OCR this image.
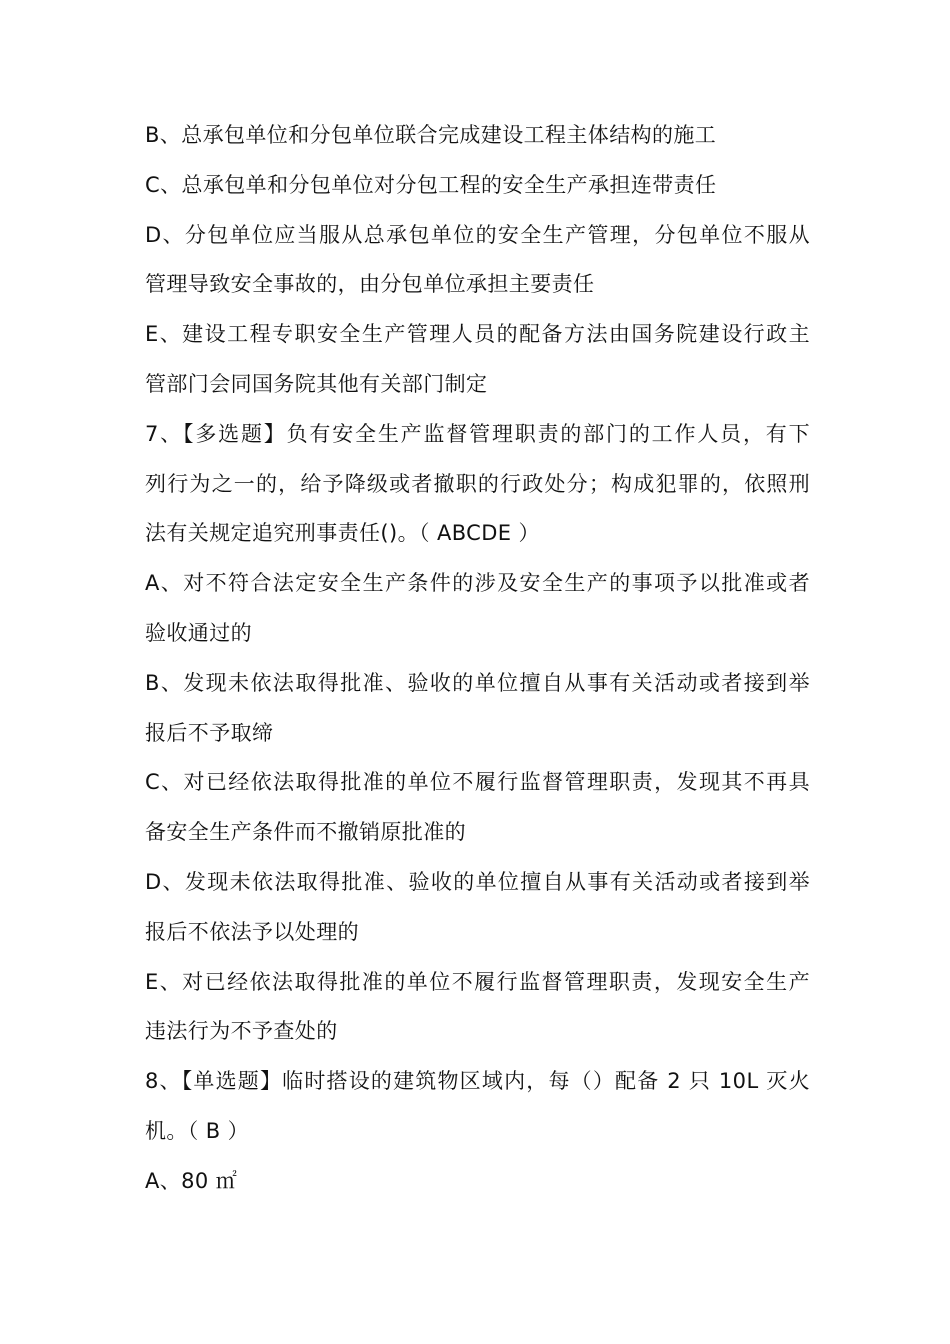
B、总承包单位和分包单位联合完成建设工程主体结构的施工
C、总承包单和分包单位对分包工程的安全生产承担连带责任
D、分包单位应当服从总承包单位的安全生产管理，分包单位不服从
管理导致安全事故的，由分包单位承担主要责任
E、建设工程专职安全生产管理人员的配备方法由国务院建设行政主
管部门会同国务院其他有关部门制定
7、【多选题】负有安全生产监督管理职责的部门的工作人员，有下
列行为之一的，给予降级或者撤职的行政处分；构成犯罪的，依照刑
法有关规定追究刑事责任()。（ ABCDE ）
A、对不符合法定安全生产条件的涉及安全生产的事项予以批准或者
验收通过的
B、发现未依法取得批准、验收的单位擅自从事有关活动或者接到举
报后不予取缔
C、对已经依法取得批准的单位不履行监督管理职责，发现其不再具
备安全生产条件而不撤销原批准的
D、发现未依法取得批准、验收的单位擅自从事有关活动或者接到举
报后不依法予以处理的
E、对已经依法取得批准的单位不履行监督管理职责，发现安全生产
违法行为不予查处的
8、【单选题】临时搭设的建筑物区域内，每（）配备 2 只 10L 灭火
机。（ B ）
A、80 ㎡
